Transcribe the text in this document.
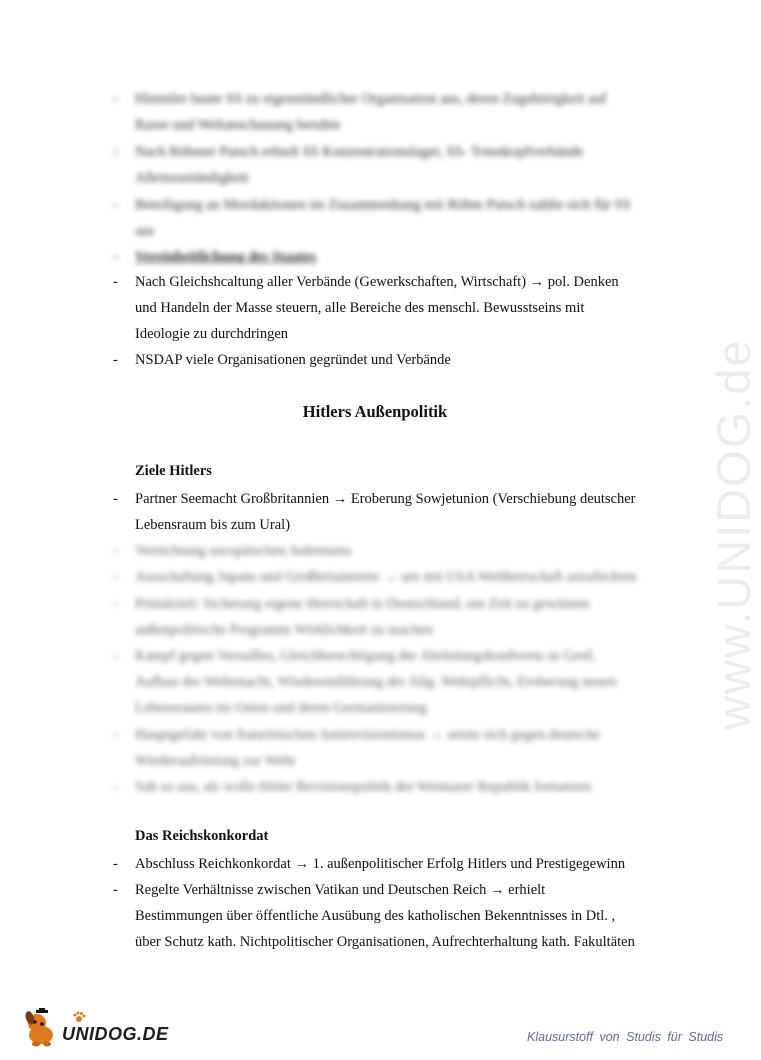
- Himmler baute SS zu eigenständlicher Organisation aus, deren Zugehörigkeit auf
Rasse und Weltanschauung beruhte
- Nach Röhmer Putsch erhielt SS Konzentrationslager, SS- Totenkopfverbände
Alleinzuständigkeit
- Beteiligung an Mordaktionen im Zusammenhang mit Röhm Putsch zahlte sich für SS
aus
- Vereinheitlichung des Staates
- Nach Gleichshcaltung aller Verbände (Gewerkschaften, Wirtschaft) → pol. Denken
und Handeln der Masse steuern, alle Bereiche des menschl. Bewusstseins mit
Ideologie zu durchdringen
- NSDAP viele Organisationen gegründet und Verbände
Hitlers Außenpolitik
Ziele Hitlers
- Partner Seemacht Großbritannien → Eroberung Sowjetunion (Verschiebung deutscher
Lebensraum bis zum Ural)
- Vernichtung europäischen Judentums
- Ausschaltung Japans und Großbritanniens → um mit USA Weltherrschaft anzufechten
- Primärziel: Sicherung eigene Herrschaft in Deutschland, um Zeit zu gewinnen
außenpolitische Programm Wirklichkeit zu machen
- Kampf gegen Versailles, Gleichberechtigung der Abrüstungskonferenz in Genf,
Aufbau der Wehrmacht, Wiedereinführung der Allg. Wehrpflicht, Eroberung neuen
Lebensraums im Osten und deren Germanisierung
- Hauptgefahr von französischen Antirevisionismus → setzte sich gegen deutsche
Wiederaufrüstung zur Wehr
- Sah so aus, als wolle Hitler Revisionspolitik der Weimarer Republik fortsetzen
Das Reichskonkordat
- Abschluss Reichkonkordat → 1. außenpolitischer Erfolg Hitlers und Prestigegewinn
- Regelte Verhältnisse zwischen Vatikan und Deutschen Reich → erhielt
Bestimmungen über öffentliche Ausübung des katholischen Bekenntnisses in Dtl. ,
über Schutz kath. Nichtpolitischer Organisationen, Aufrechterhaltung kath. Fakultäten
www.UNIDOG.de
UNIDOG.DE	Klausurstoff von Studis für Studis
